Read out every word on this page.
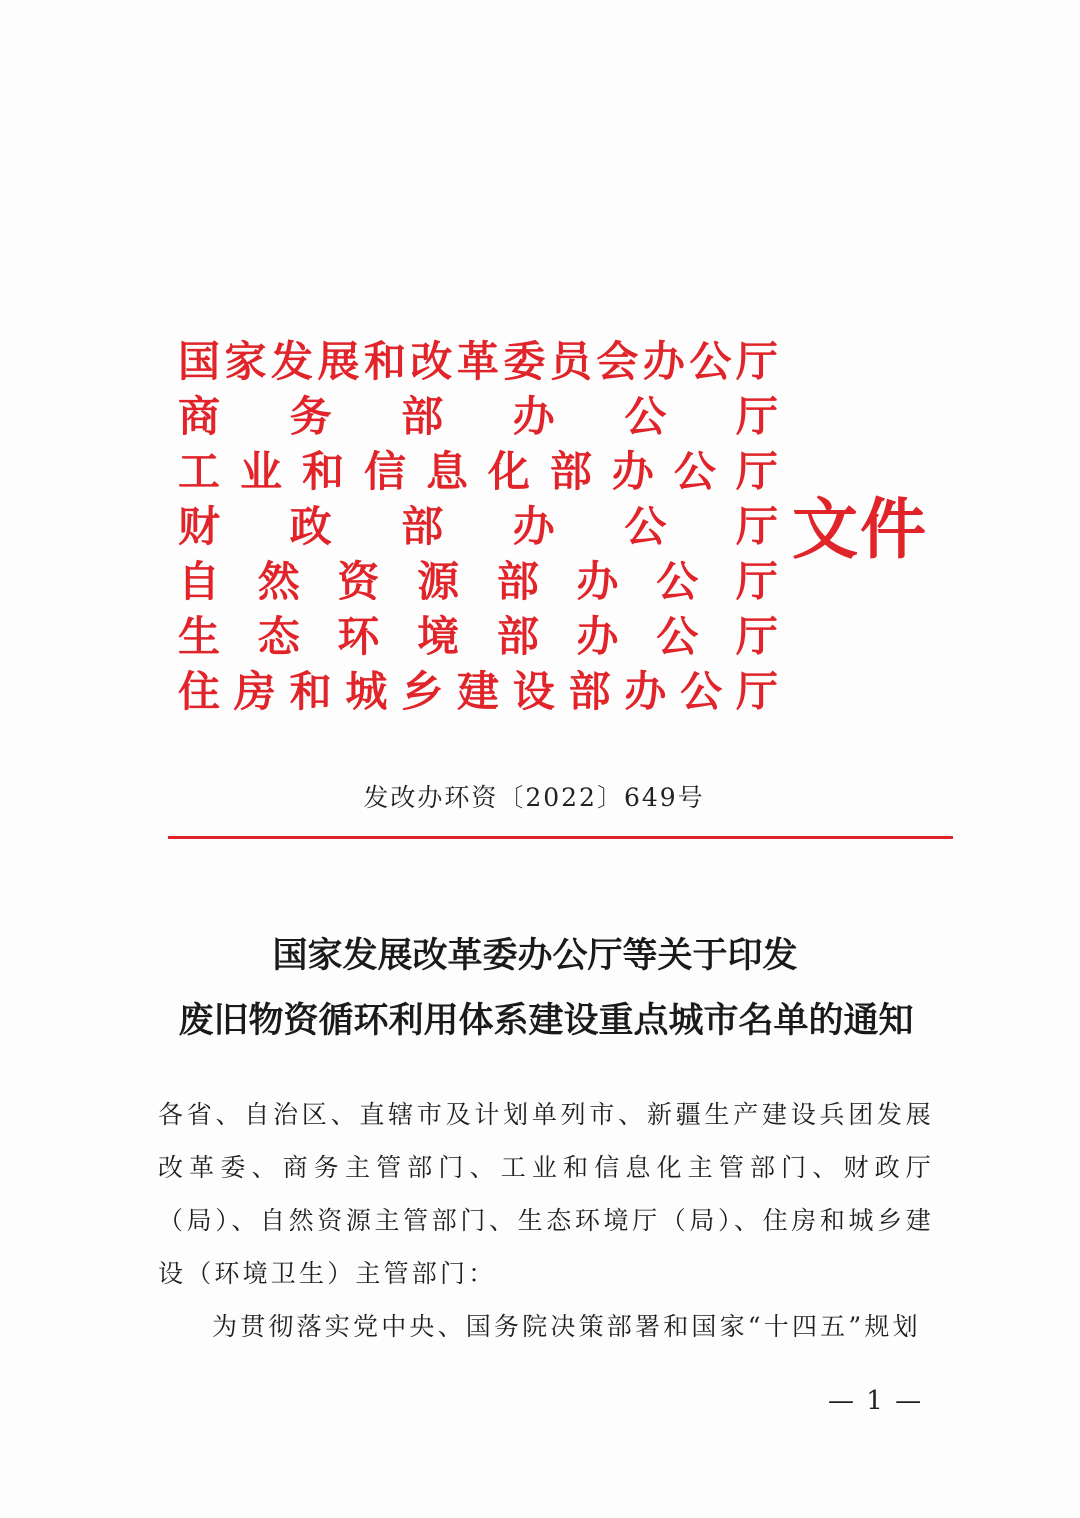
国 家 发 展 和 改 革 委 员 会 办 公 厅
商 务 部 办 公 厅
工 业 和 信 息 化 部 办 公 厅
财 政 部 办 公 厅
自 然 资 源 部 办 公 厅
生 态 环 境 部 办 公 厅
住 房 和 城 乡 建 设 部 办 公 厅
文件
发改办环资〔2022〕649号
国家发展改革委办公厅等关于印发
废旧物资循环利用体系建设重点城市名单的通知

各省、自治区、直辖市及计划单列市、新疆生产建设兵团发展改革委、商务主管部门、工业和信息化主管部门、财政厅（局）、自然资源主管部门、生态环境厅（局）、住房和城乡建设（环境卫生）主管部门：

为贯彻落实党中央、国务院决策部署和国家“十四五”规划

— 1 —
